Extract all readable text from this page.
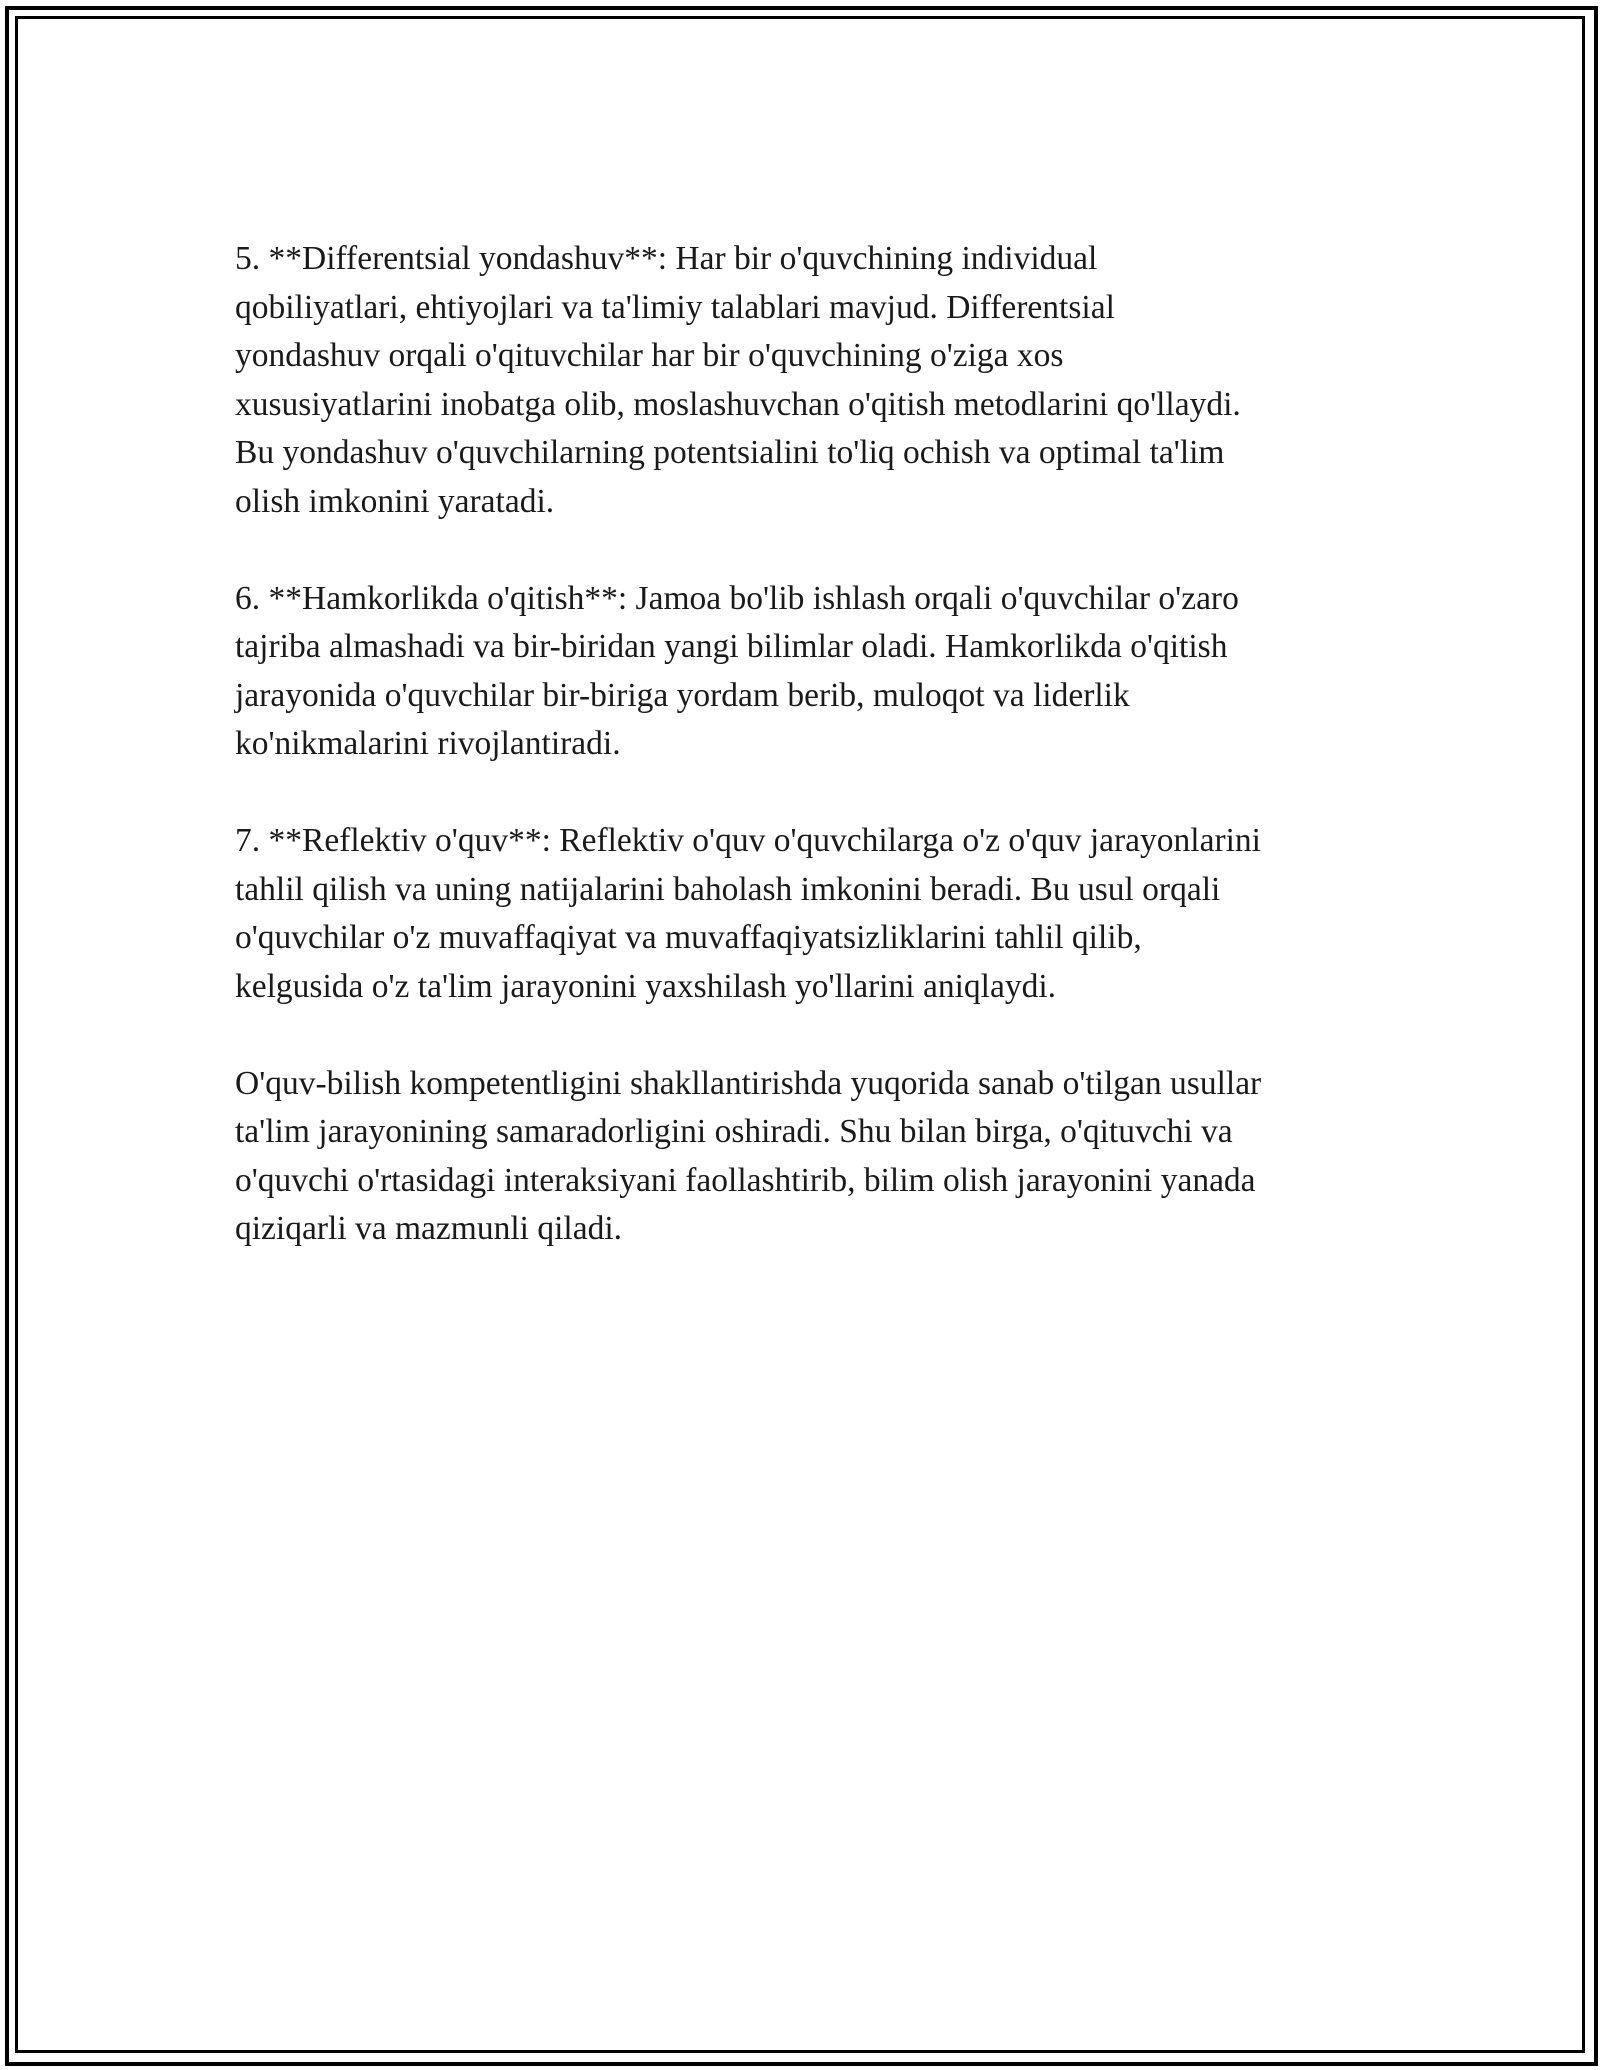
5. **Differentsial yondashuv**: Har bir o'quvchining individual
qobiliyatlari, ehtiyojlari va ta'limiy talablari mavjud. Differentsial
yondashuv orqali o'qituvchilar har bir o'quvchining o'ziga xos
xususiyatlarini inobatga olib, moslashuvchan o'qitish metodlarini qo'llaydi.
Bu yondashuv o'quvchilarning potentsialini to'liq ochish va optimal ta'lim
olish imkonini yaratadi.

6. **Hamkorlikda o'qitish**: Jamoa bo'lib ishlash orqali o'quvchilar o'zaro
tajriba almashadi va bir-biridan yangi bilimlar oladi. Hamkorlikda o'qitish
jarayonida o'quvchilar bir-biriga yordam berib, muloqot va liderlik
ko'nikmalarini rivojlantiradi.

7. **Reflektiv o'quv**: Reflektiv o'quv o'quvchilarga o'z o'quv jarayonlarini
tahlil qilish va uning natijalarini baholash imkonini beradi. Bu usul orqali
o'quvchilar o'z muvaffaqiyat va muvaffaqiyatsizliklarini tahlil qilib,
kelgusida o'z ta'lim jarayonini yaxshilash yo'llarini aniqlaydi.

O'quv-bilish kompetentligini shakllantirishda yuqorida sanab o'tilgan usullar
ta'lim jarayonining samaradorligini oshiradi. Shu bilan birga, o'qituvchi va
o'quvchi o'rtasidagi interaksiyani faollashtirib, bilim olish jarayonini yanada
qiziqarli va mazmunli qiladi.
